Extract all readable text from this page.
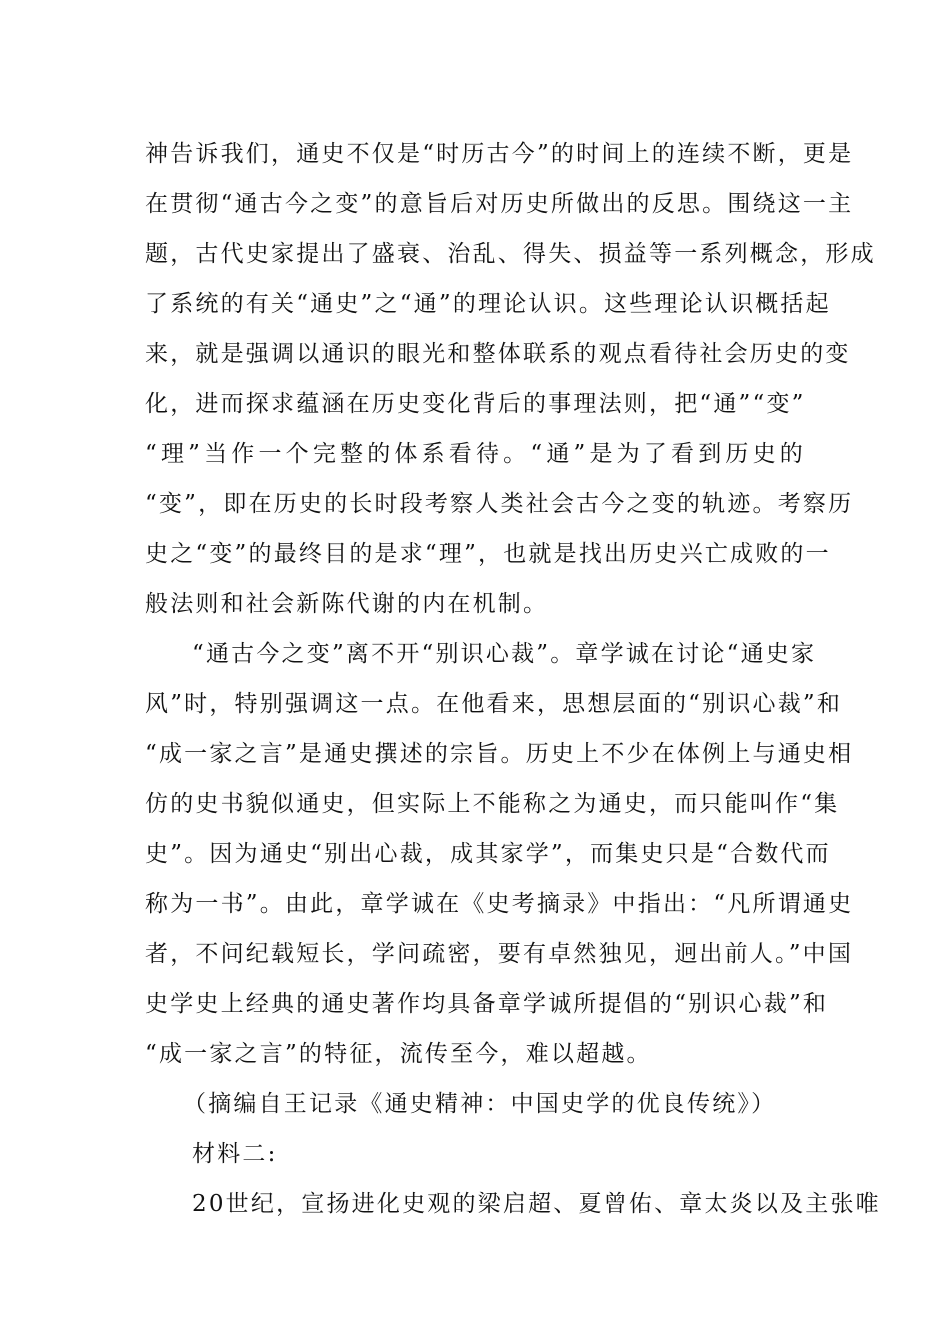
神告诉我们，通史不仅是“时历古今”的时间上的连续不断，更是
在贯彻“通古今之变”的意旨后对历史所做出的反思。围绕这一主
题，古代史家提出了盛衰、治乱、得失、损益等一系列概念，形成
了系统的有关“通史”之“通”的理论认识。这些理论认识概括起
来，就是强调以通识的眼光和整体联系的观点看待社会历史的变
化，进而探求蕴涵在历史变化背后的事理法则，把“通”“变”
“理”当作一个完整的体系看待。“通”是为了看到历史的
“变”，即在历史的长时段考察人类社会古今之变的轨迹。考察历
史之“变”的最终目的是求“理”，也就是找出历史兴亡成败的一
般法则和社会新陈代谢的内在机制。
“通古今之变”离不开“别识心裁”。章学诚在讨论“通史家
风”时，特别强调这一点。在他看来，思想层面的“别识心裁”和
“成一家之言”是通史撰述的宗旨。历史上不少在体例上与通史相
仿的史书貌似通史，但实际上不能称之为通史，而只能叫作“集
史”。因为通史“别出心裁，成其家学”，而集史只是“合数代而
称为一书”。由此，章学诚在《史考摘录》中指出：“凡所谓通史
者，不问纪载短长，学问疏密，要有卓然独见，迥出前人。”中国
史学史上经典的通史著作均具备章学诚所提倡的“别识心裁”和
“成一家之言”的特征，流传至今，难以超越。
（摘编自王记录《通史精神：中国史学的优良传统》）
材料二:
20世纪，宣扬进化史观的梁启超、夏曾佑、章太炎以及主张唯
